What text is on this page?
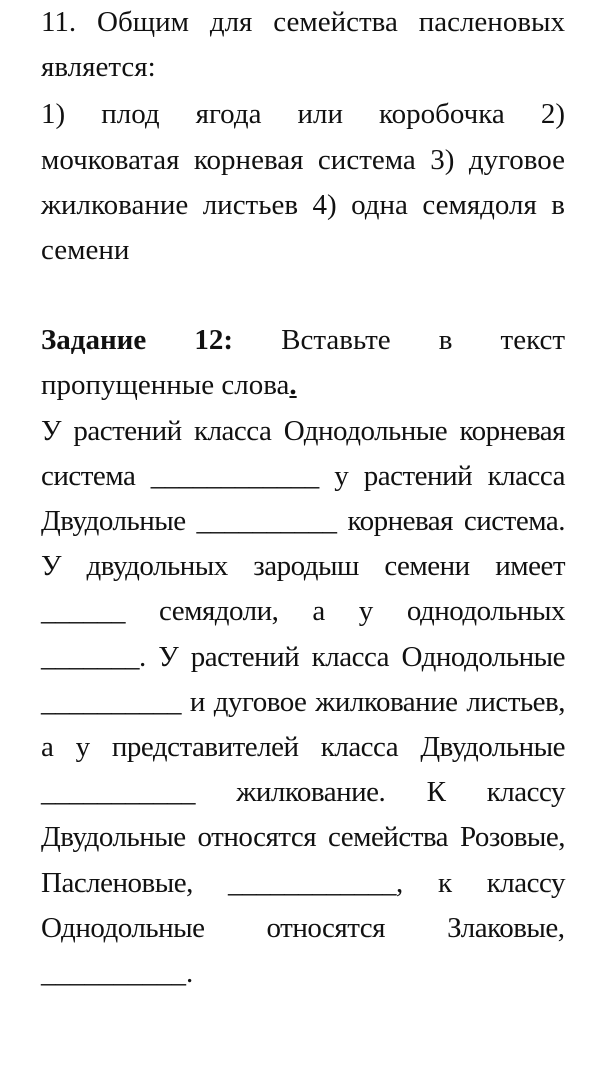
11. Общим для семейства пасленовых является:

1) плод ягода или коробочка 2) мочковатая корневая система 3) дуговое жилкование листьев 4) одна семядоля в семени

Задание 12: Вставьте в текст пропущенные слова.

У растений класса Однодольные корневая система ____________ у растений класса Двудольные __________ корневая система. У двудольных зародыш семени имеет ______ семядоли, а у однодольных _______. У растений класса Однодольные __________ и дуговое жилкование листьев, а у представителей класса Двудольные ___________ жилкование. К классу Двудольные относятся семейства Розовые, Пасленовые, ____________, к классу Однодольные относятся Злаковые, __________.
